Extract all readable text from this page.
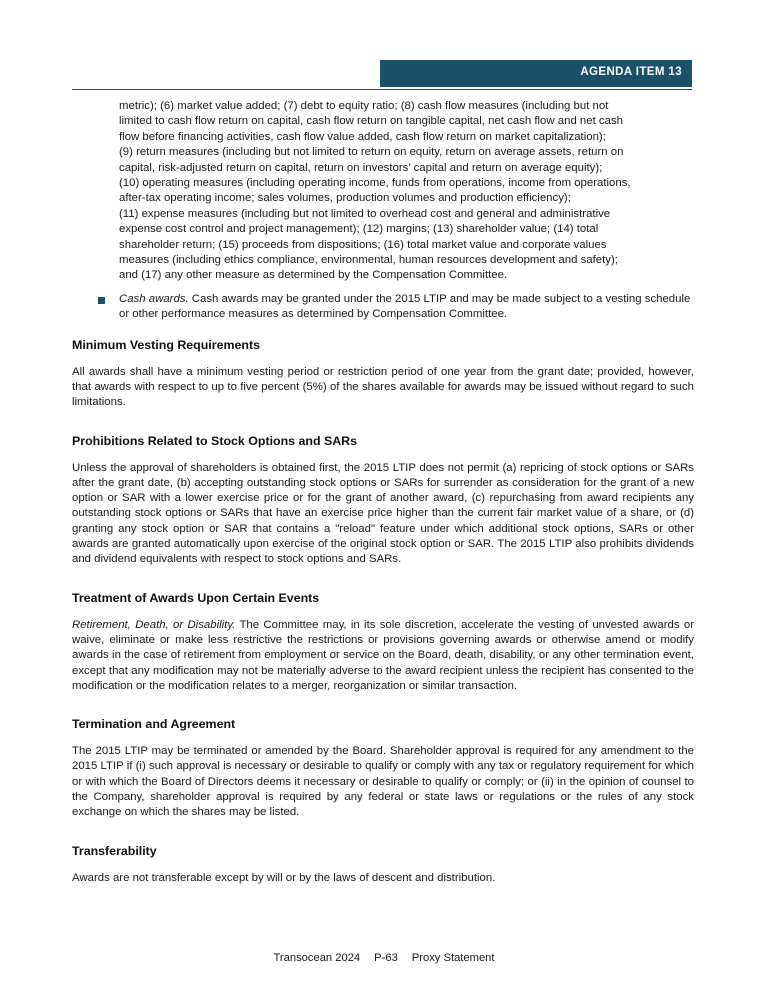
AGENDA ITEM 13

metric); (6) market value added; (7) debt to equity ratio; (8) cash flow measures (including but not

limited to cash flow return on capital, cash flow return on tangible capital, net cash flow and net cash

flow before financing activities, cash flow value added, cash flow return on market capitalization);

(9) return measures (including but not limited to return on equity, return on average assets, return on

capital, risk-adjusted return on capital, return on investors’ capital and return on average equity);

(10) operating measures (including operating income, funds from operations, income from operations,

after-tax operating income; sales volumes, production volumes and production efficiency);

(11) expense measures (including but not limited to overhead cost and general and administrative

expense cost control and project management); (12) margins; (13) shareholder value; (14) total

shareholder return; (15) proceeds from dispositions; (16) total market value and corporate values

measures (including ethics compliance, environmental, human resources development and safety);

and (17) any other measure as determined by the Compensation Committee.

Cash awards. Cash awards may be granted under the 2015 LTIP and may be made subject to a vesting schedule or other performance measures as determined by Compensation Committee.
Minimum Vesting Requirements

All awards shall have a minimum vesting period or restriction period of one year from the grant date; provided, however, that awards with respect to up to five percent (5%) of the shares available for awards may be issued without regard to such limitations.

Prohibitions Related to Stock Options and SARs

Unless the approval of shareholders is obtained first, the 2015 LTIP does not permit (a) repricing of stock options or SARs after the grant date, (b) accepting outstanding stock options or SARs for surrender as consideration for the grant of a new option or SAR with a lower exercise price or for the grant of another award, (c) repurchasing from award recipients any outstanding stock options or SARs that have an exercise price higher than the current fair market value of a share, or (d) granting any stock option or SAR that contains a "reload" feature under which additional stock options, SARs or other awards are granted automatically upon exercise of the original stock option or SAR. The 2015 LTIP also prohibits dividends and dividend equivalents with respect to stock options and SARs.

Treatment of Awards Upon Certain Events

Retirement, Death, or Disability. The Committee may, in its sole discretion, accelerate the vesting of unvested awards or waive, eliminate or make less restrictive the restrictions or provisions governing awards or otherwise amend or modify awards in the case of retirement from employment or service on the Board, death, disability, or any other termination event, except that any modification may not be materially adverse to the award recipient unless the recipient has consented to the modification or the modification relates to a merger, reorganization or similar transaction.

Termination and Agreement

The 2015 LTIP may be terminated or amended by the Board. Shareholder approval is required for any amendment to the 2015 LTIP if (i) such approval is necessary or desirable to qualify or comply with any tax or regulatory requirement for which or with which the Board of Directors deems it necessary or desirable to qualify or comply; or (ii) in the opinion of counsel to the Company, shareholder approval is required by any federal or state laws or regulations or the rules of any stock exchange on which the shares may be listed.

Transferability

Awards are not transferable except by will or by the laws of descent and distribution.

Transocean 2024 P-63 Proxy Statement
